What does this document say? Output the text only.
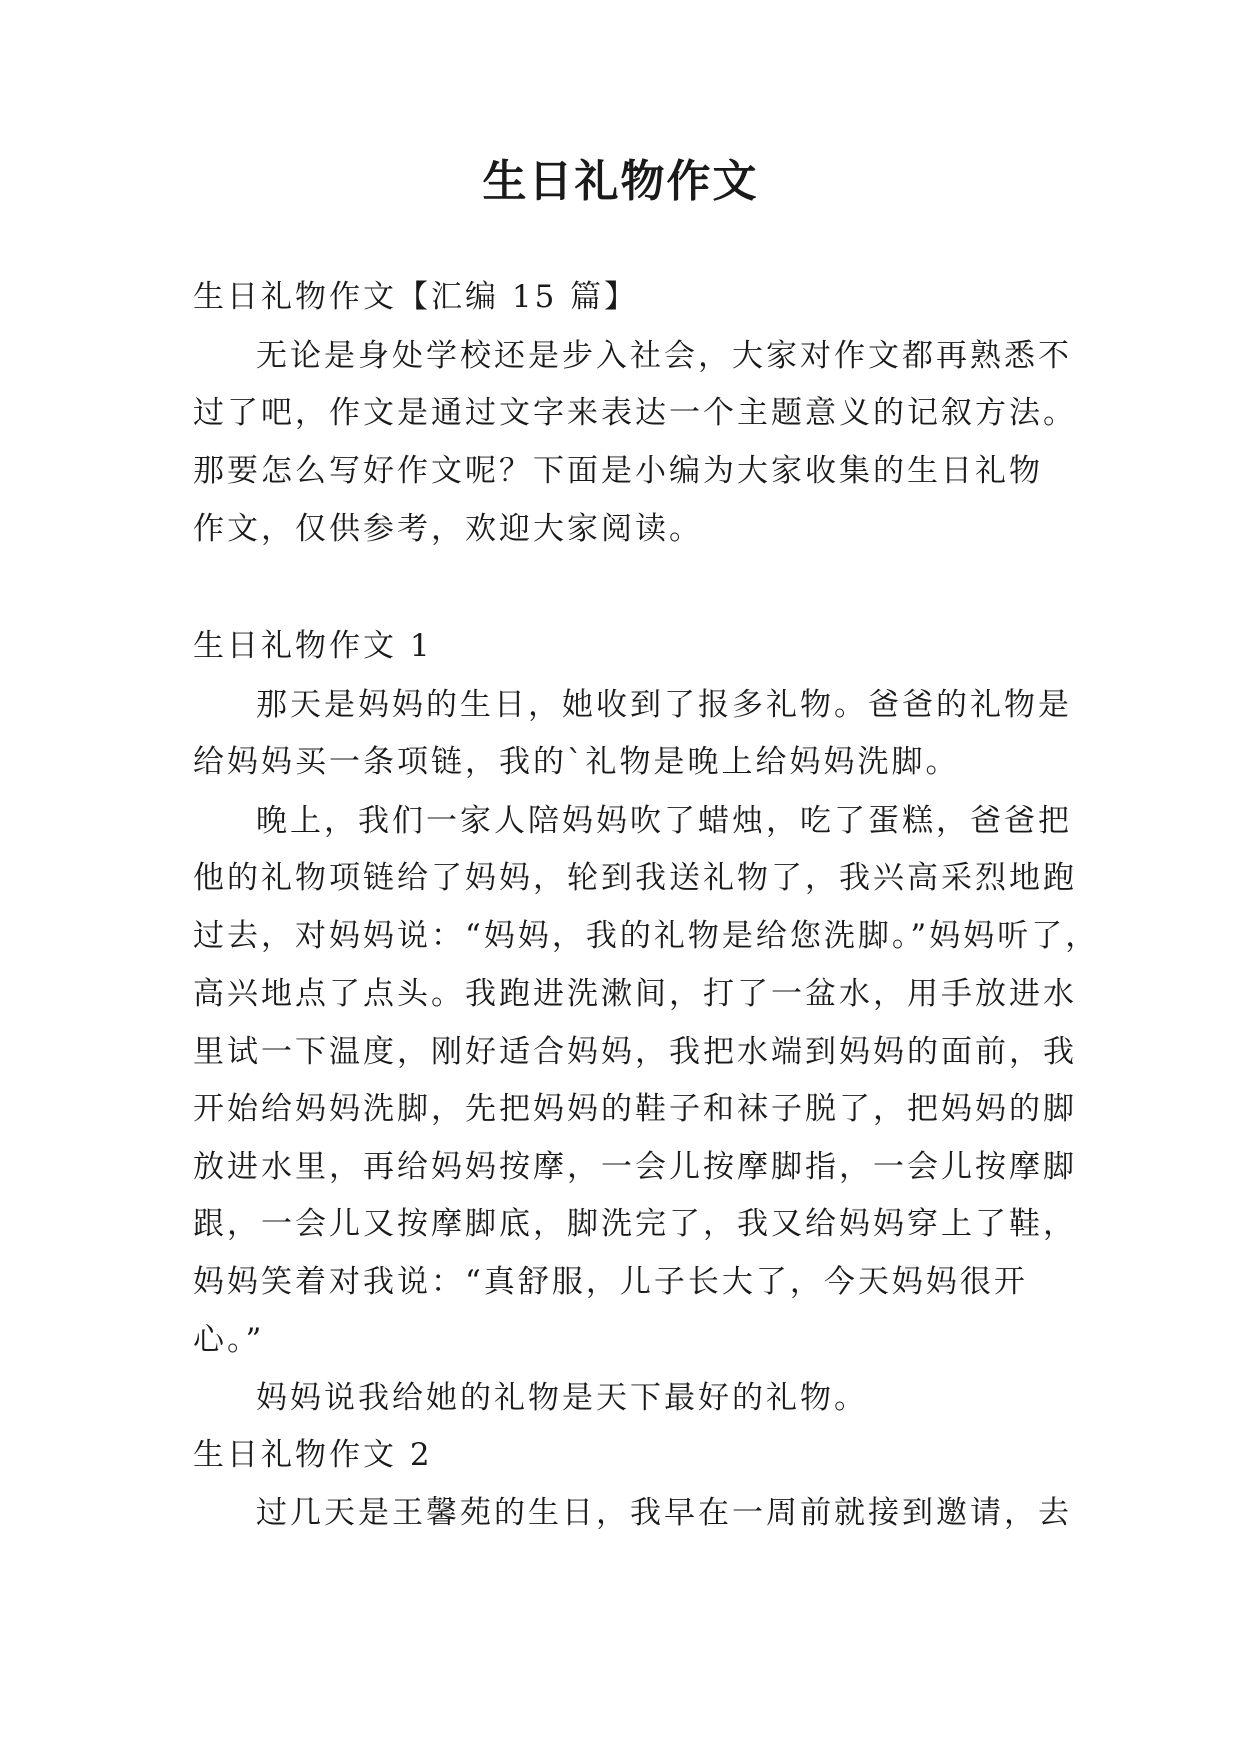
生日礼物作文

生日礼物作文【汇编 15 篇】

无论是身处学校还是步入社会，大家对作文都再熟悉不

过了吧，作文是通过文字来表达一个主题意义的记叙方法。

那要怎么写好作文呢？下面是小编为大家收集的生日礼物

作文，仅供参考，欢迎大家阅读。

生日礼物作文 1

那天是妈妈的生日，她收到了报多礼物。爸爸的礼物是

给妈妈买一条项链，我的`礼物是晚上给妈妈洗脚。

晚上，我们一家人陪妈妈吹了蜡烛，吃了蛋糕，爸爸把

他的礼物项链给了妈妈，轮到我送礼物了，我兴高采烈地跑

过去，对妈妈说：“妈妈，我的礼物是给您洗脚。”妈妈听了，

高兴地点了点头。我跑进洗漱间，打了一盆水，用手放进水

里试一下温度，刚好适合妈妈，我把水端到妈妈的面前，我

开始给妈妈洗脚，先把妈妈的鞋子和袜子脱了，把妈妈的脚

放进水里，再给妈妈按摩，一会儿按摩脚指，一会儿按摩脚

跟，一会儿又按摩脚底，脚洗完了，我又给妈妈穿上了鞋，

妈妈笑着对我说：“真舒服，儿子长大了，今天妈妈很开

心。”

妈妈说我给她的礼物是天下最好的礼物。

生日礼物作文 2

过几天是王馨苑的生日，我早在一周前就接到邀请，去
